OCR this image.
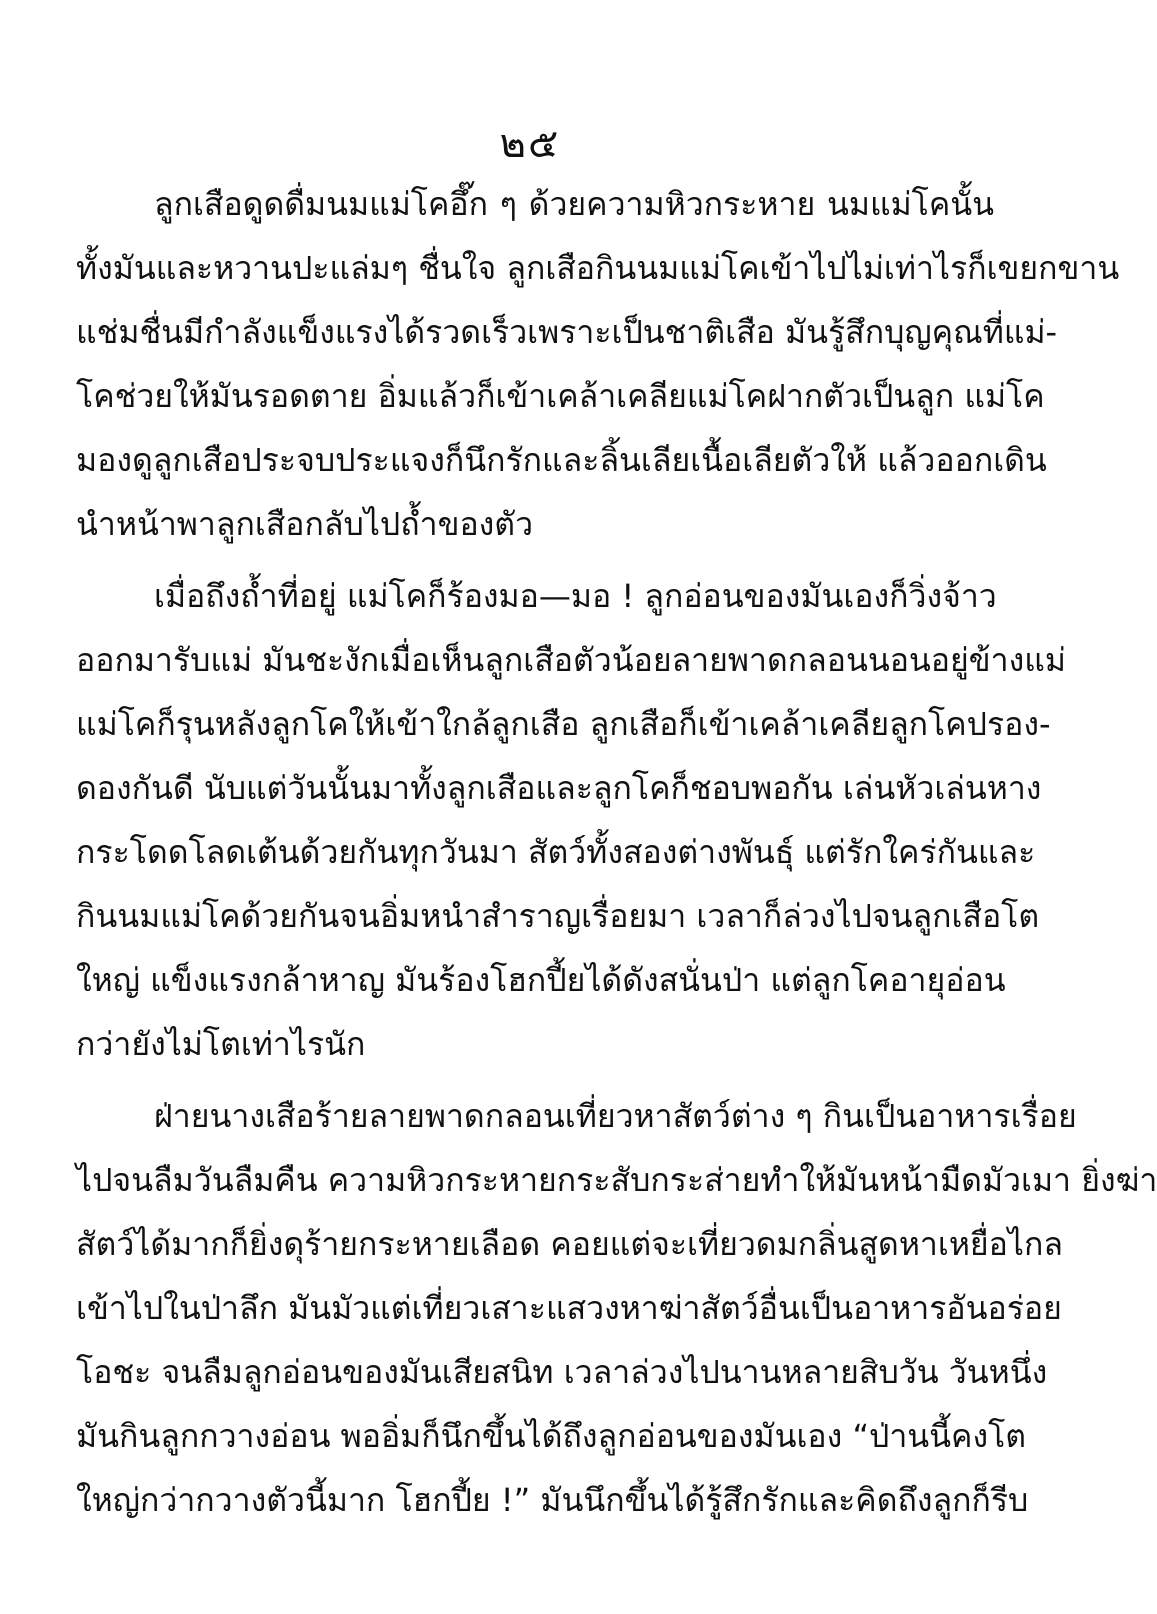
๒๕
ลูกเสือดูดดื่มนมแม่โคอึ๊ก ๆ ด้วยความหิวกระหาย นมแม่โคนั้น
ทั้งมันและหวานปะแล่มๆ ชื่นใจ ลูกเสือกินนมแม่โคเข้าไปไม่เท่าไรก็เขยกขาน
แช่มชื่นมีกำลังแข็งแรงได้รวดเร็วเพราะเป็นชาติเสือ มันรู้สึกบุญคุณที่แม่-
โคช่วยให้มันรอดตาย อิ่มแล้วก็เข้าเคล้าเคลียแม่โคฝากตัวเป็นลูก แม่โค
มองดูลูกเสือประจบประแจงก็นึกรักและลิ้นเลียเนื้อเลียตัวให้ แล้วออกเดิน
นำหน้าพาลูกเสือกลับไปถ้ำของตัว
เมื่อถึงถ้ำที่อยู่ แม่โคก็ร้องมอ—มอ ! ลูกอ่อนของมันเองก็วิ่งจ้าว
ออกมารับแม่ มันชะงักเมื่อเห็นลูกเสือตัวน้อยลายพาดกลอนนอนอยู่ข้างแม่
แม่โคก็รุนหลังลูกโคให้เข้าใกล้ลูกเสือ ลูกเสือก็เข้าเคล้าเคลียลูกโคปรอง-
ดองกันดี นับแต่วันนั้นมาทั้งลูกเสือและลูกโคก็ชอบพอกัน เล่นหัวเล่นหาง
กระโดดโลดเต้นด้วยกันทุกวันมา สัตว์ทั้งสองต่างพันธุ์ แต่รักใคร่กันและ
กินนมแม่โคด้วยกันจนอิ่มหนำสำราญเรื่อยมา เวลาก็ล่วงไปจนลูกเสือโต
ใหญ่ แข็งแรงกล้าหาญ มันร้องโฮกปี้ยได้ดังสนั่นป่า แต่ลูกโคอายุอ่อน
กว่ายังไม่โตเท่าไรนัก
ฝ่ายนางเสือร้ายลายพาดกลอนเที่ยวหาสัตว์ต่าง ๆ กินเป็นอาหารเรื่อย
ไปจนลืมวันลืมคืน ความหิวกระหายกระสับกระส่ายทำให้มันหน้ามืดมัวเมา ยิ่งฆ่า
สัตว์ได้มากก็ยิ่งดุร้ายกระหายเลือด คอยแต่จะเที่ยวดมกลิ่นสูดหาเหยื่อไกล
เข้าไปในป่าลึก มันมัวแต่เที่ยวเสาะแสวงหาฆ่าสัตว์อื่นเป็นอาหารอันอร่อย
โอชะ จนลืมลูกอ่อนของมันเสียสนิท เวลาล่วงไปนานหลายสิบวัน วันหนึ่ง
มันกินลูกกวางอ่อน พออิ่มก็นึกขึ้นได้ถึงลูกอ่อนของมันเอง “ป่านนี้คงโต
ใหญ่กว่ากวางตัวนี้มาก โฮกปี้ย !” มันนึกขึ้นได้รู้สึกรักและคิดถึงลูกก็รีบ
